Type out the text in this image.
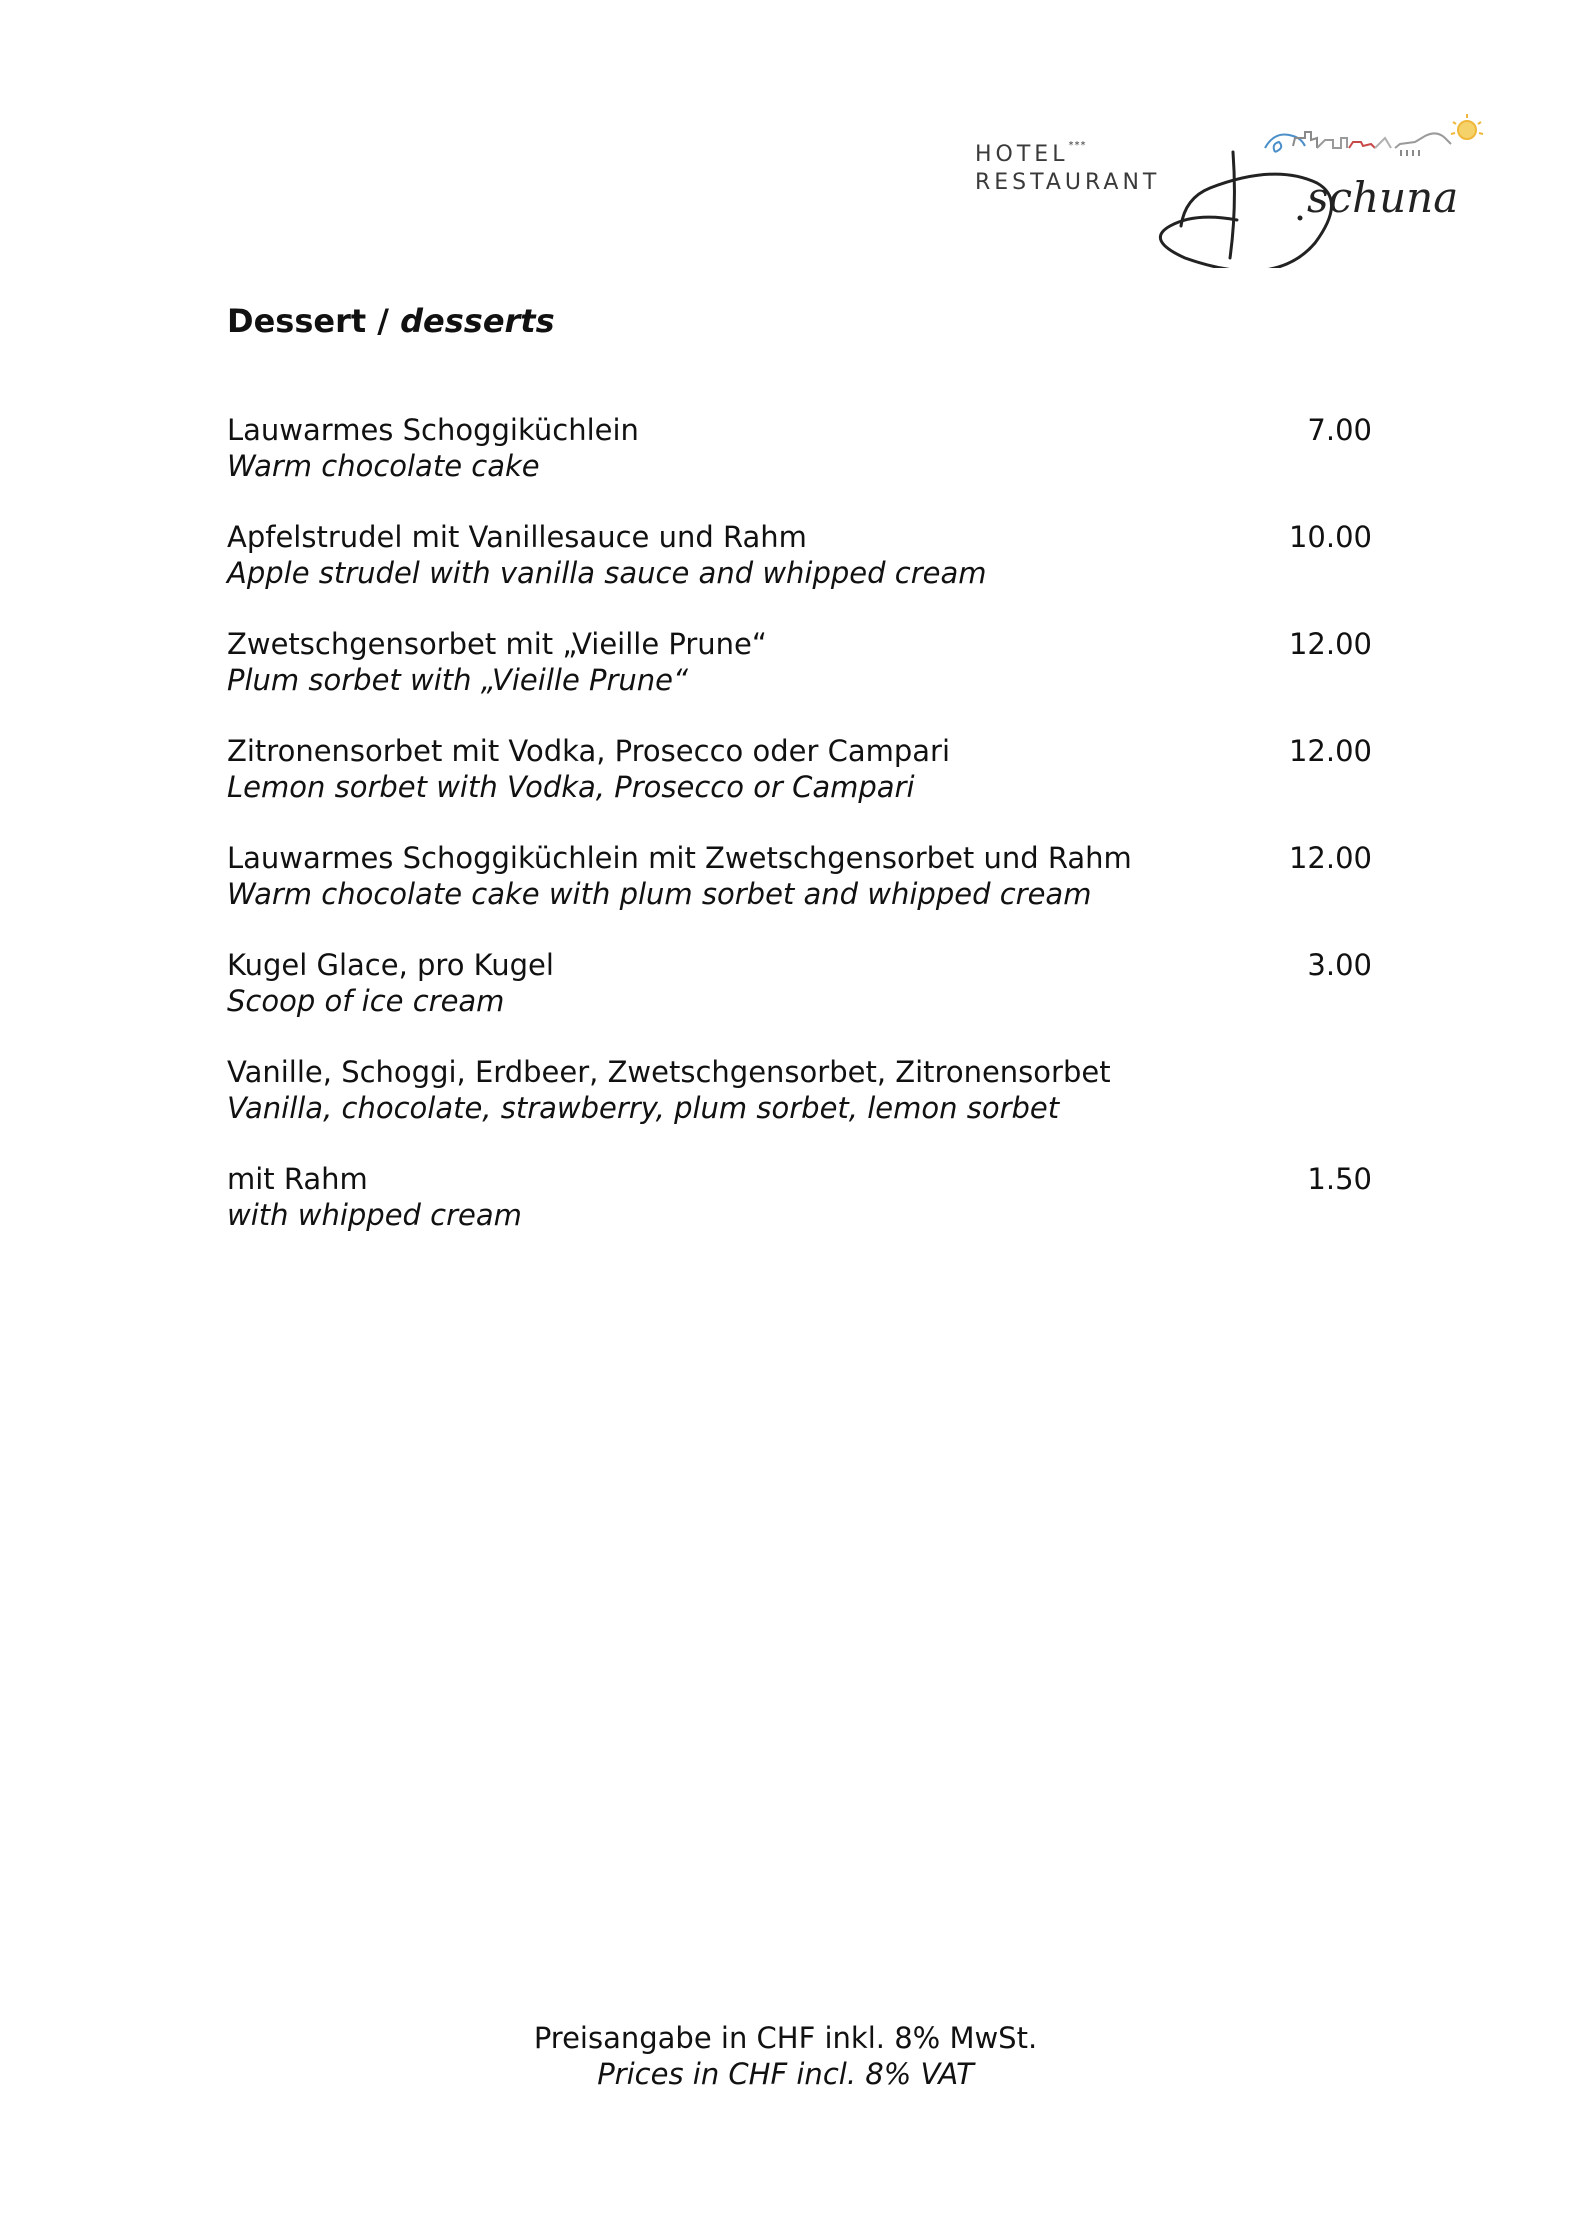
schuna
HOTEL***
RESTAURANT
Dessert / desserts
Lauwarmes Schoggiküchlein
Warm chocolate cake
7.00
Apfelstrudel mit Vanillesauce und Rahm
Apple strudel with vanilla sauce and whipped cream
10.00
Zwetschgensorbet mit „Vieille Prune“
Plum sorbet with „Vieille Prune“
12.00
Zitronensorbet mit Vodka, Prosecco oder Campari
Lemon sorbet with Vodka, Prosecco or Campari
12.00
Lauwarmes Schoggiküchlein mit Zwetschgensorbet und Rahm
Warm chocolate cake with plum sorbet and whipped cream
12.00
Kugel Glace, pro Kugel
Scoop of ice cream
3.00
Vanille, Schoggi, Erdbeer, Zwetschgensorbet, Zitronensorbet
Vanilla, chocolate, strawberry, plum sorbet, lemon sorbet
mit Rahm
with whipped cream
1.50
Preisangabe in CHF inkl. 8% MwSt.
Prices in CHF incl. 8% VAT
